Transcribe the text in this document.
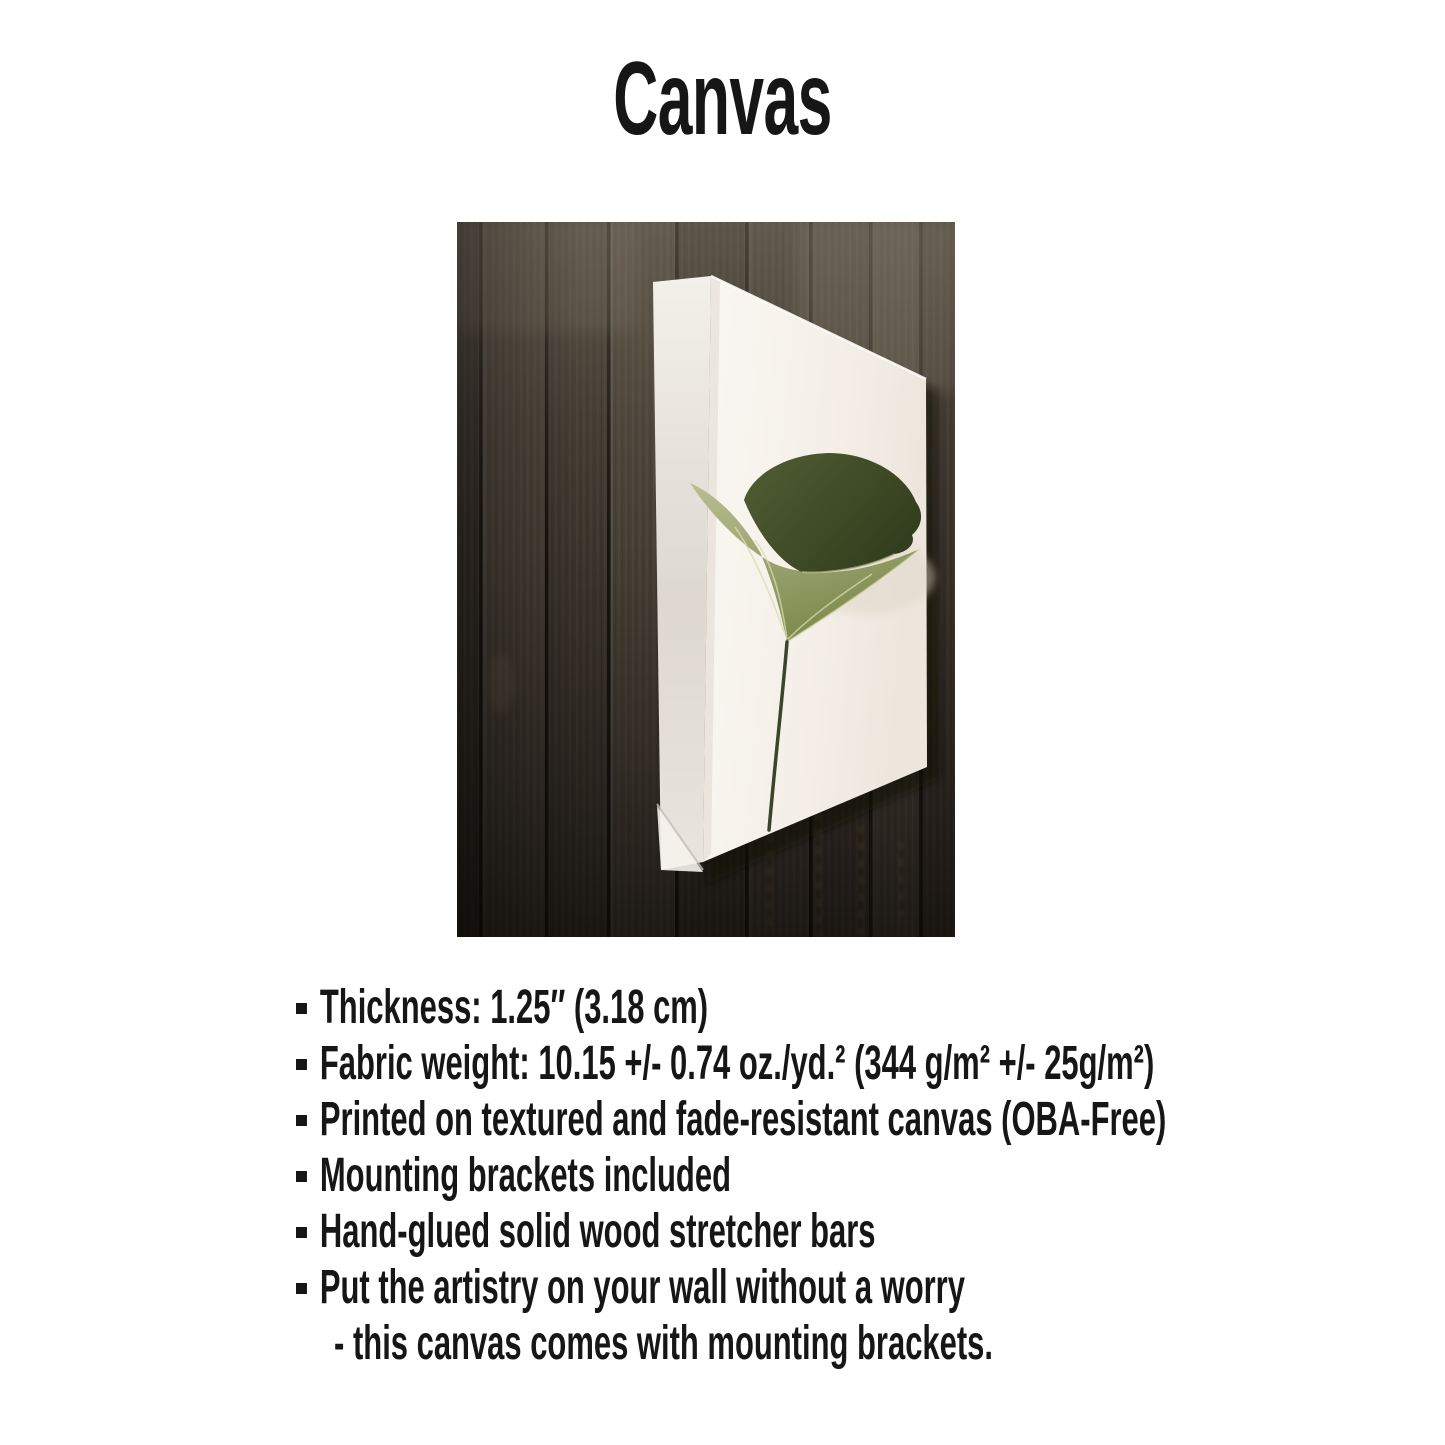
Canvas
Thickness: 1.25″ (3.18 cm)
Fabric weight: 10.15 +/- 0.74 oz./yd.² (344 g/m² +/- 25g/m²)
Printed on textured and fade-resistant canvas (OBA-Free)
Mounting brackets included
Hand-glued solid wood stretcher bars
Put the artistry on your wall without a worry
- this canvas comes with mounting brackets.
